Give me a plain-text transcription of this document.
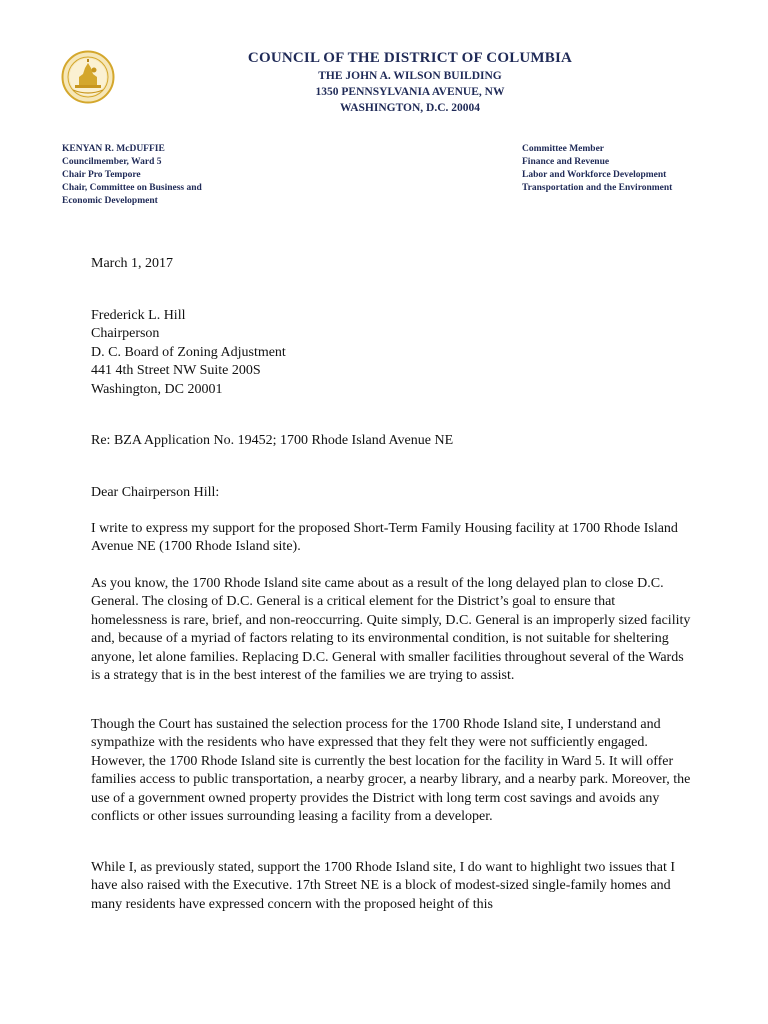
COUNCIL OF THE DISTRICT OF COLUMBIA
THE JOHN A. WILSON BUILDING
1350 PENNSYLVANIA AVENUE, NW
WASHINGTON, D.C. 20004
KENYAN R. McDUFFIE
Councilmember, Ward 5
Chair Pro Tempore
Chair, Committee on Business and
Economic Development
Committee Member
Finance and Revenue
Labor and Workforce Development
Transportation and the Environment

March 1, 2017

Frederick L. Hill

Chairperson

D. C. Board of Zoning Adjustment

441 4th Street NW Suite 200S

Washington, DC 20001

Re: BZA Application No. 19452; 1700 Rhode Island Avenue NE

Dear Chairperson Hill:

I write to express my support for the proposed Short-Term Family Housing facility at 1700 Rhode Island Avenue NE (1700 Rhode Island site).

As you know, the 1700 Rhode Island site came about as a result of the long delayed plan to close D.C. General. The closing of D.C. General is a critical element for the District’s goal to ensure that homelessness is rare, brief, and non-reoccurring. Quite simply, D.C. General is an improperly sized facility and, because of a myriad of factors relating to its environmental condition, is not suitable for sheltering anyone, let alone families. Replacing D.C. General with smaller facilities throughout several of the Wards is a strategy that is in the best interest of the families we are trying to assist.

Though the Court has sustained the selection process for the 1700 Rhode Island site, I understand and sympathize with the residents who have expressed that they felt they were not sufficiently engaged. However, the 1700 Rhode Island site is currently the best location for the facility in Ward 5. It will offer families access to public transportation, a nearby grocer, a nearby library, and a nearby park. Moreover, the use of a government owned property provides the District with long term cost savings and avoids any conflicts or other issues surrounding leasing a facility from a developer.

While I, as previously stated, support the 1700 Rhode Island site, I do want to highlight two issues that I have also raised with the Executive. 17th Street NE is a block of modest-sized single-family homes and many residents have expressed concern with the proposed height of this
